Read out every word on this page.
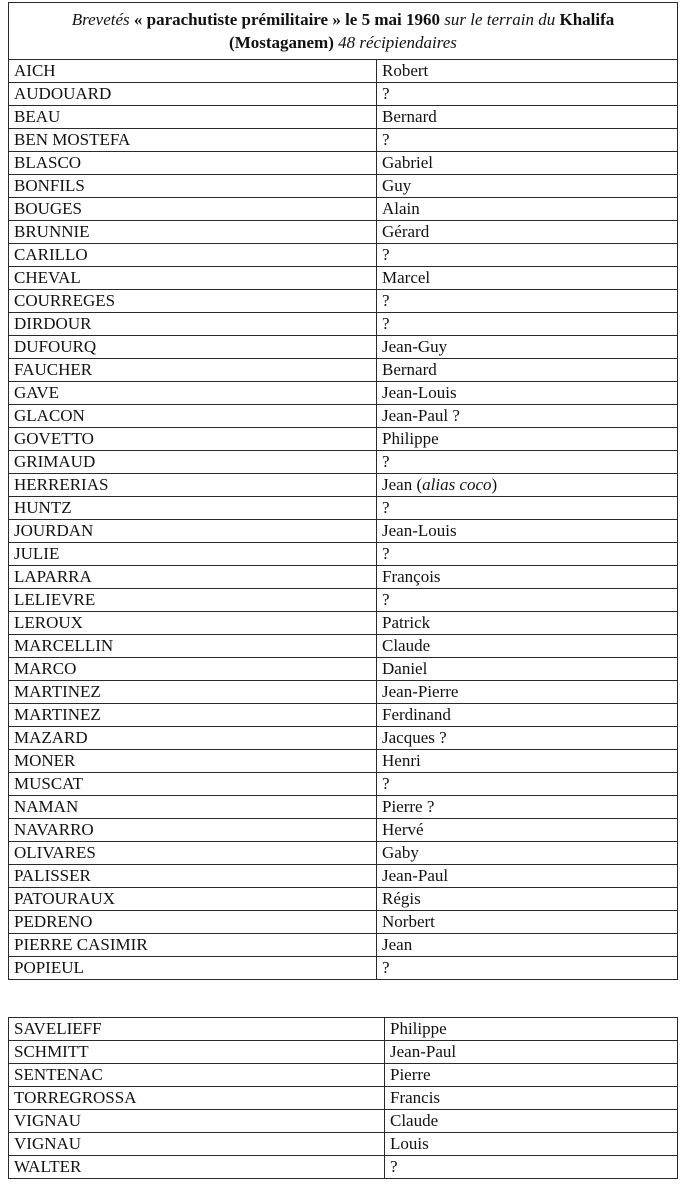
Brevetés « parachutiste prémilitaire » le 5 mai 1960 sur le terrain du Khalifa
(Mostaganem) 48 récipiendaires	
AICH	Robert
AUDOUARD	?
BEAU	Bernard
BEN MOSTEFA	?
BLASCO	Gabriel
BONFILS	Guy
BOUGES	Alain
BRUNNIE	Gérard
CARILLO	?
CHEVAL	Marcel
COURREGES	?
DIRDOUR	?
DUFOURQ	Jean-Guy
FAUCHER	Bernard
GAVE	Jean-Louis
GLACON	Jean-Paul ?
GOVETTO	Philippe
GRIMAUD	?
HERRERIAS	Jean (alias coco)
HUNTZ	?
JOURDAN	Jean-Louis
JULIE	?
LAPARRA	François
LELIEVRE	?
LEROUX	Patrick
MARCELLIN	Claude
MARCO	Daniel
MARTINEZ	Jean-Pierre
MARTINEZ	Ferdinand
MAZARD	Jacques ?
MONER	Henri
MUSCAT	?
NAMAN	Pierre ?
NAVARRO	Hervé
OLIVARES	Gaby
PALISSER	Jean-Paul
PATOURAUX	Régis
PEDRENO	Norbert
PIERRE CASIMIR	Jean
POPIEUL	?
SAVELIEFF	Philippe
SCHMITT	Jean-Paul
SENTENAC	Pierre
TORREGROSSA	Francis
VIGNAU	Claude
VIGNAU	Louis
WALTER	?
